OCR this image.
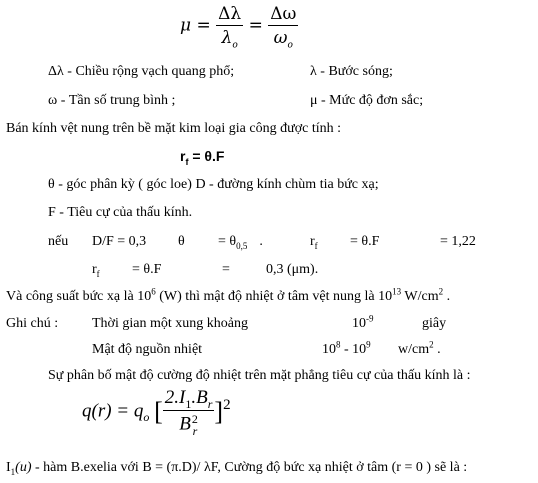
$\mu = \frac{\Delta\lambda}{\lambda_o} = \frac{\Delta\omega}{\omega_o}$
Δλ - Chiều rộng vạch quang phổ;	λ - Bước sóng;
ω - Tần số trung bình ;	μ - Mức độ đơn sắc;
Bán kính vệt nung trên bề mặt kim loại gia công được tính :
$r_f = \theta.F$
θ - góc phân kỳ ( góc loe) D - đường kính chùm tia bức xạ;
F - Tiêu cự của thấu kính.
nếu D/F = 0,3 $\theta = \theta_{0,5}$ .	$r_f = \theta.F$	= 1,22
$r_f = \theta.F$	=	0,3 (μm).
Và công suất bức xạ là $10^6$ (W) thì mật độ nhiệt ở tâm vệt nung là $10^{13}$ $W/cm^2$ .
Ghi chú : Thời gian một xung khoảng	$10^{-9}$	giây
Mật độ nguồn nhiệt	$10^8 - 10^9$ $w/cm^2$ .
Sự phân bố mật độ cường độ nhiệt trên mặt phẳng tiêu cự của thấu kính là :
$q(r) = q_o$ [ $2.I_1.B_r$
B 2
r ]$^2$
$I_1(u)$ - hàm B.exelia với B = (π.D)/ λF, Cường độ bức xạ nhiệt ở tâm (r = 0 ) sẽ là :
